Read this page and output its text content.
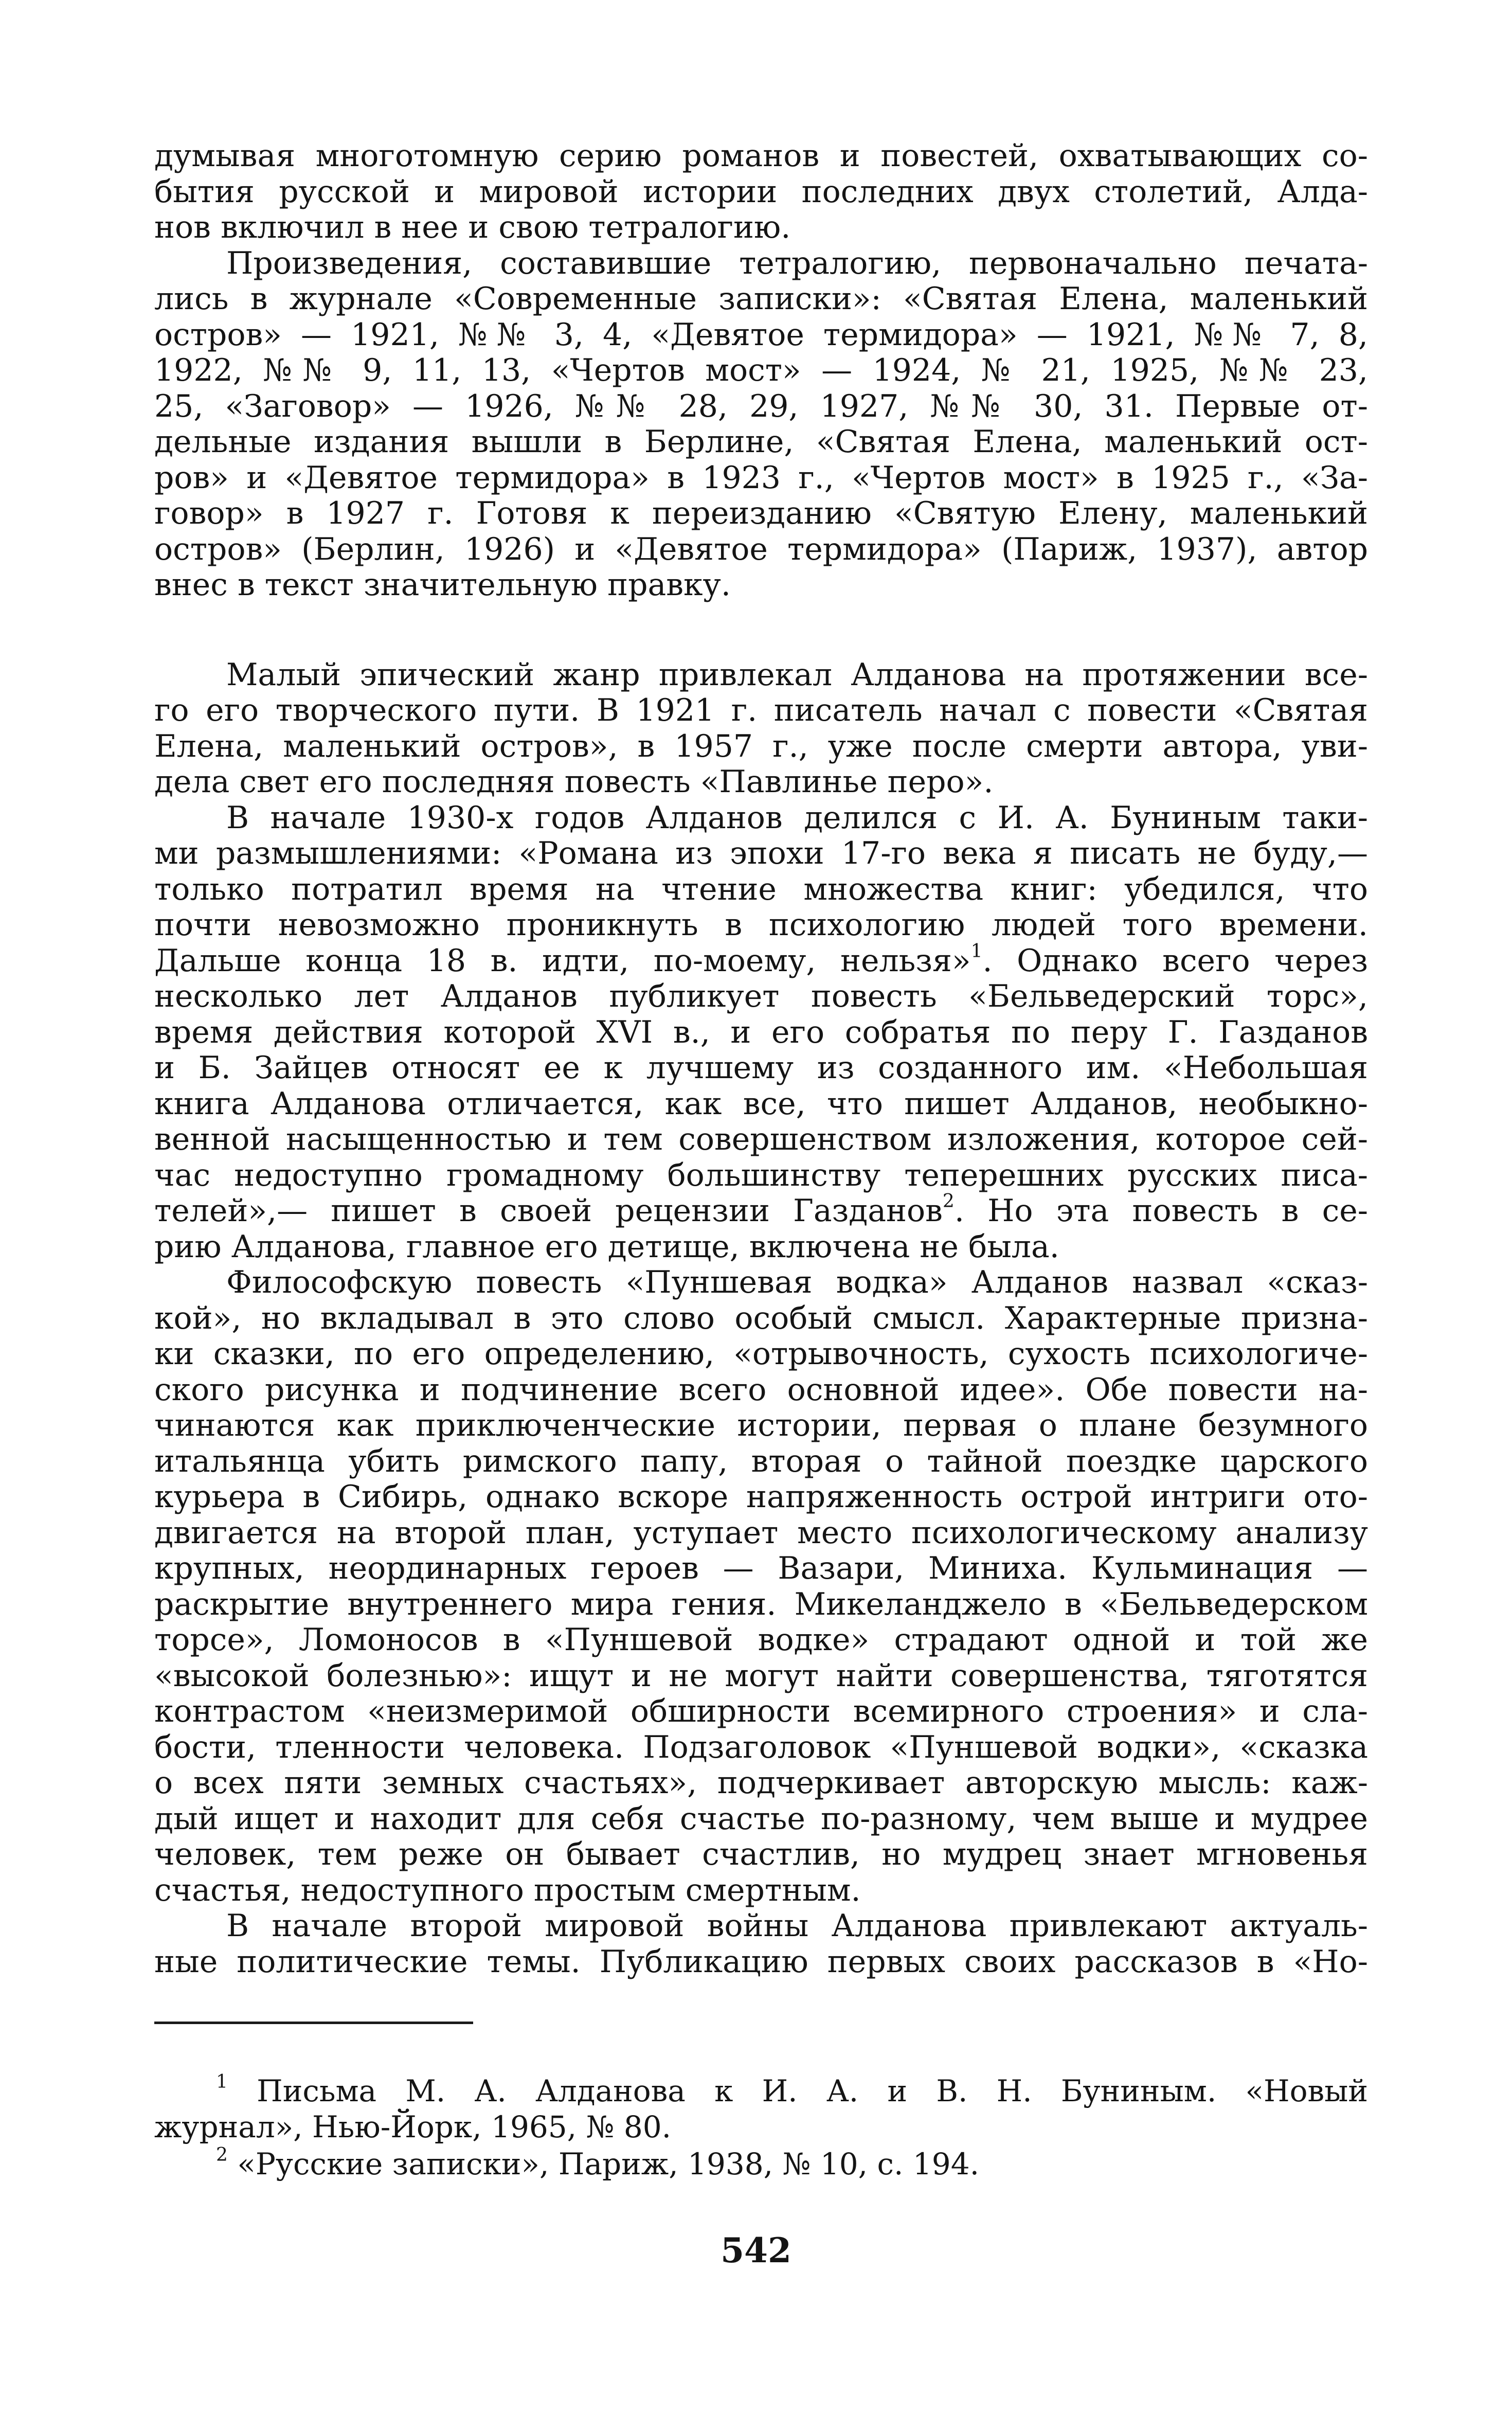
думывая многотомную серию романов и повестей, охватывающих со-

бытия русской и мировой истории последних двух столетий, Алда-

нов включил в нее и свою тетралогию.

Произведения, составившие тетралогию, первоначально печата-

лись в журнале «Современные записки»: «Святая Елена, маленький

остров» — 1921, №№ 3, 4, «Девятое термидора» — 1921, №№ 7, 8,

1922, №№ 9, 11, 13, «Чертов мост» — 1924, № 21, 1925, №№ 23,

25, «Заговор» — 1926, №№ 28, 29, 1927, №№ 30, 31. Первые от-

дельные издания вышли в Берлине, «Святая Елена, маленький ост-

ров» и «Девятое термидора» в 1923 г., «Чертов мост» в 1925 г., «За-

говор» в 1927 г. Готовя к переизданию «Святую Елену, маленький

остров» (Берлин, 1926) и «Девятое термидора» (Париж, 1937), автор

внес в текст значительную правку.

Малый эпический жанр привлекал Алданова на протяжении все-

го его творческого пути. В 1921 г. писатель начал с повести «Святая

Елена, маленький остров», в 1957 г., уже после смерти автора, уви-

дела свет его последняя повесть «Павлинье перо».

В начале 1930-х годов Алданов делился с И. А. Буниным таки-

ми размышлениями: «Романа из эпохи 17-го века я писать не буду,—

только потратил время на чтение множества книг: убедился, что

почти невозможно проникнуть в психологию людей того времени.

Дальше конца 18 в. идти, по-моему, нельзя»$^1$. Однако всего через

несколько лет Алданов публикует повесть «Бельведерский торс»,

время действия которой XVI в., и его собратья по перу Г. Газданов

и Б. Зайцев относят ее к лучшему из созданного им. «Небольшая

книга Алданова отличается, как все, что пишет Алданов, необыкно-

венной насыщенностью и тем совершенством изложения, которое сей-

час недоступно громадному большинству теперешних русских писа-

телей»,— пишет в своей рецензии Газданов$^2$. Но эта повесть в се-

рию Алданова, главное его детище, включена не была.

Философскую повесть «Пуншевая водка» Алданов назвал «сказ-

кой», но вкладывал в это слово особый смысл. Характерные призна-

ки сказки, по его определению, «отрывочность, сухость психологиче-

ского рисунка и подчинение всего основной идее». Обе повести на-

чинаются как приключенческие истории, первая о плане безумного

итальянца убить римского папу, вторая о тайной поездке царского

курьера в Сибирь, однако вскоре напряженность острой интриги ото-

двигается на второй план, уступает место психологическому анализу

крупных, неординарных героев — Вазари, Миниха. Кульминация —

раскрытие внутреннего мира гения. Микеланджело в «Бельведерском

торсе», Ломоносов в «Пуншевой водке» страдают одной и той же

«высокой болезнью»: ищут и не могут найти совершенства, тяготятся

контрастом «неизмеримой обширности всемирного строения» и сла-

бости, тленности человека. Подзаголовок «Пуншевой водки», «сказка

о всех пяти земных счастьях», подчеркивает авторскую мысль: каж-

дый ищет и находит для себя счастье по-разному, чем выше и мудрее

человек, тем реже он бывает счастлив, но мудрец знает мгновенья

счастья, недоступного простым смертным.

В начале второй мировой войны Алданова привлекают актуаль-

ные политические темы. Публикацию первых своих рассказов в «Но-

$^1$ Письма М. А. Алданова к И. А. и В. Н. Буниным. «Новый

журнал», Нью-Йорк, 1965, № 80.

$^2$ «Русские записки», Париж, 1938, № 10, с. 194.

542
